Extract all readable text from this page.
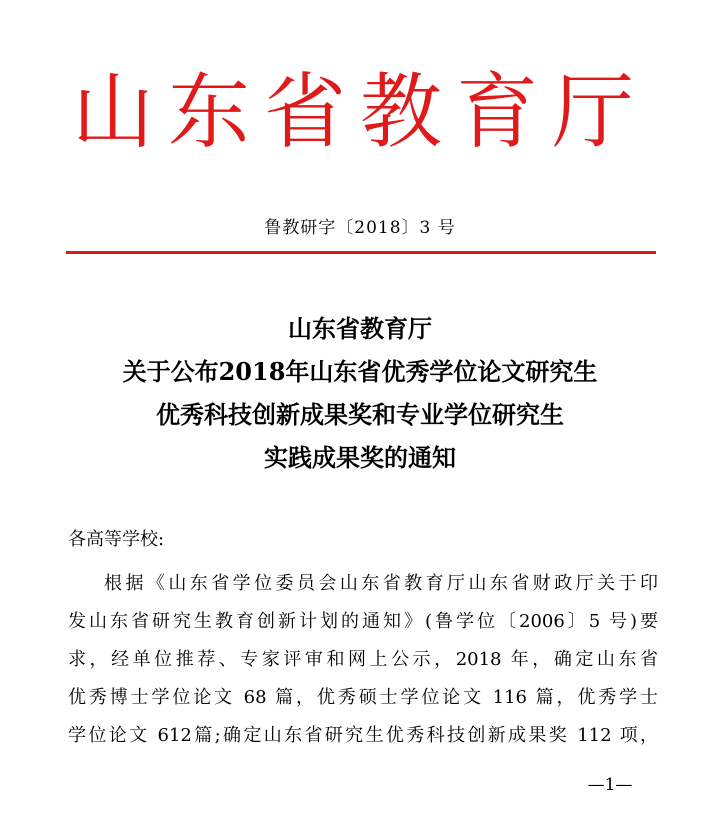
山东省教育厅
鲁教研字〔2018〕3 号
山东省教育厅
关于公布2018年山东省优秀学位论文研究生
优秀科技创新成果奖和专业学位研究生
实践成果奖的通知
各高等学校:
根据《山东省学位委员会山东省教育厅山东省财政厅关于印
发山东省研究生教育创新计划的通知》(鲁学位〔2006〕5 号)要
求，经单位推荐、专家评审和网上公示，2018 年，确定山东省
优秀博士学位论文 68 篇，优秀硕士学位论文 116 篇，优秀学士
学位论文 612篇;确定山东省研究生优秀科技创新成果奖 112 项，
—1—
